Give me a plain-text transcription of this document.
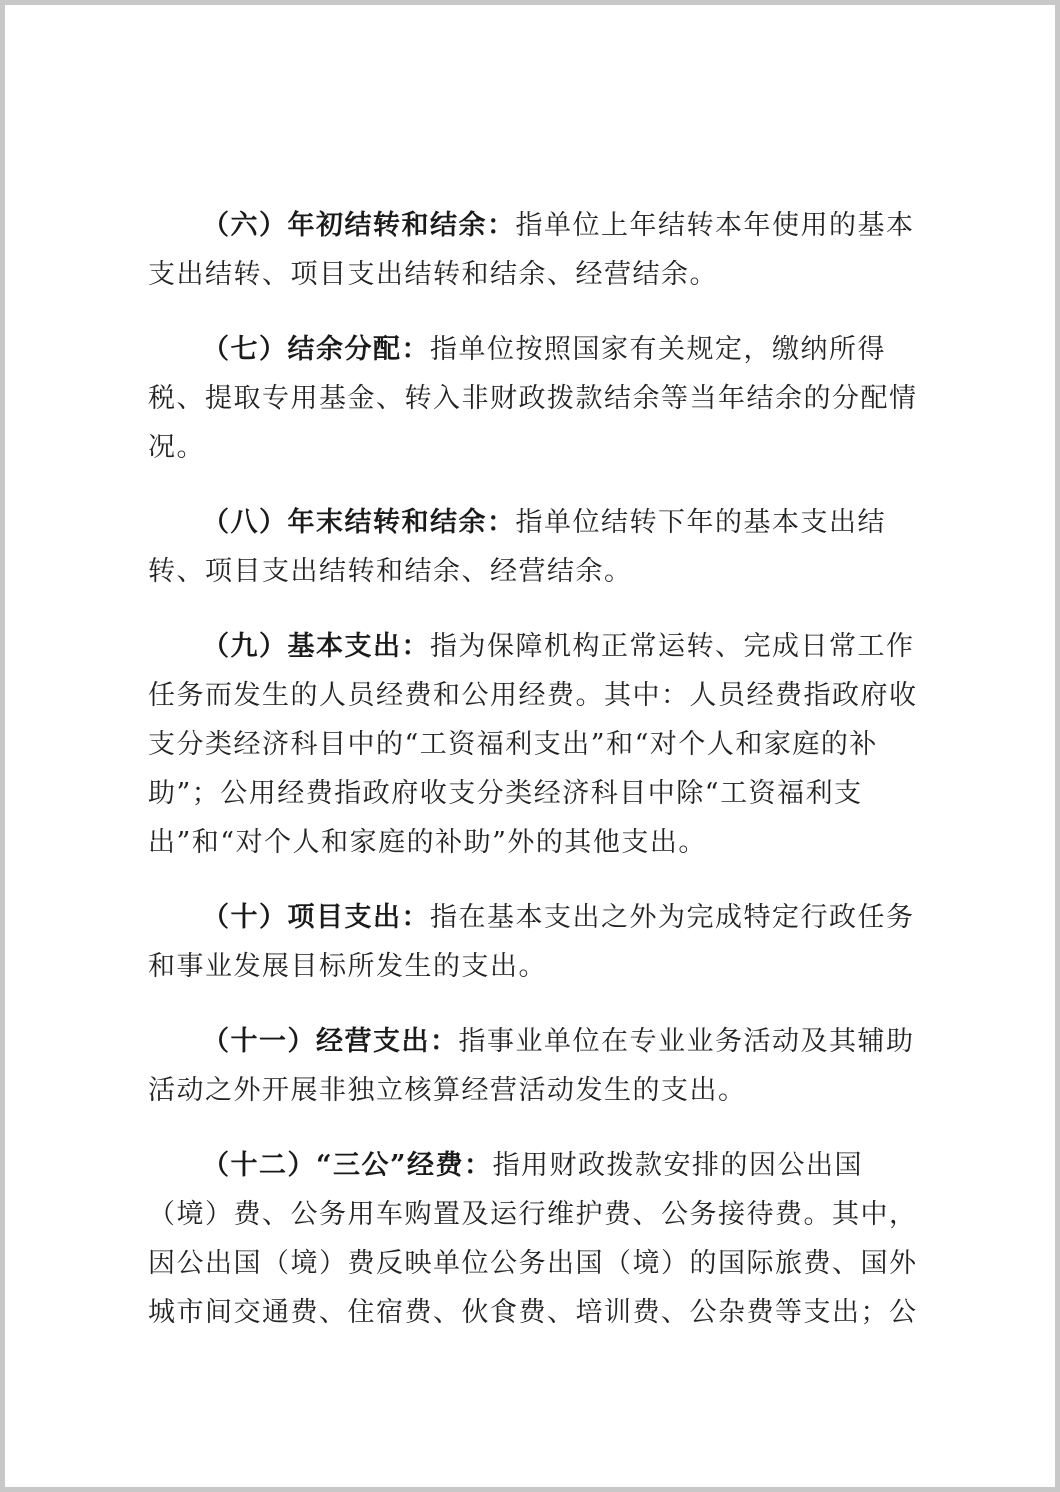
（六）年初结转和结余：指单位上年结转本年使用的基本支出结转、项目支出结转和结余、经营结余。

（七）结余分配：指单位按照国家有关规定，缴纳所得税、提取专用基金、转入非财政拨款结余等当年结余的分配情况。

（八）年末结转和结余：指单位结转下年的基本支出结转、项目支出结转和结余、经营结余。

（九）基本支出：指为保障机构正常运转、完成日常工作任务而发生的人员经费和公用经费。其中：人员经费指政府收支分类经济科目中的“工资福利支出”和“对个人和家庭的补助”；公用经费指政府收支分类经济科目中除“工资福利支出”和“对个人和家庭的补助”外的其他支出。

（十）项目支出：指在基本支出之外为完成特定行政任务和事业发展目标所发生的支出。

（十一）经营支出：指事业单位在专业业务活动及其辅助活动之外开展非独立核算经营活动发生的支出。

（十二）“三公”经费：指用财政拨款安排的因公出国（境）费、公务用车购置及运行维护费、公务接待费。其中，因公出国（境）费反映单位公务出国（境）的国际旅费、国外城市间交通费、住宿费、伙食费、培训费、公杂费等支出；公
